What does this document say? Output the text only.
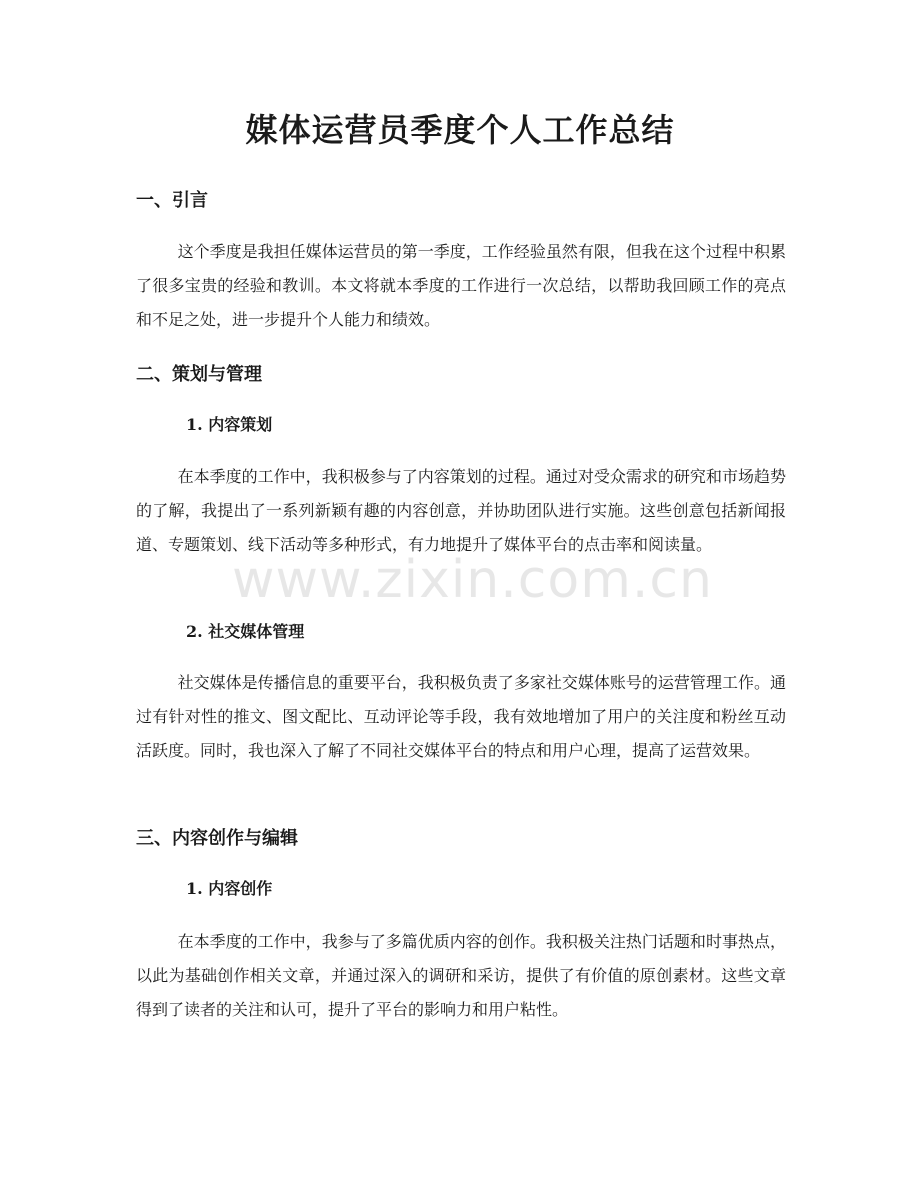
媒体运营员季度个人工作总结
一、引言

这个季度是我担任媒体运营员的第一季度，工作经验虽然有限，但我在这个过程中积累了很多宝贵的经验和教训。本文将就本季度的工作进行一次总结，以帮助我回顾工作的亮点和不足之处，进一步提升个人能力和绩效。

二、策划与管理
1. 内容策划

在本季度的工作中，我积极参与了内容策划的过程。通过对受众需求的研究和市场趋势的了解，我提出了一系列新颖有趣的内容创意，并协助团队进行实施。这些创意包括新闻报道、专题策划、线下活动等多种形式，有力地提升了媒体平台的点击率和阅读量。

2. 社交媒体管理

社交媒体是传播信息的重要平台，我积极负责了多家社交媒体账号的运营管理工作。通过有针对性的推文、图文配比、互动评论等手段，我有效地增加了用户的关注度和粉丝互动活跃度。同时，我也深入了解了不同社交媒体平台的特点和用户心理，提高了运营效果。

三、内容创作与编辑
1. 内容创作

在本季度的工作中，我参与了多篇优质内容的创作。我积极关注热门话题和时事热点，以此为基础创作相关文章，并通过深入的调研和采访，提供了有价值的原创素材。这些文章得到了读者的关注和认可，提升了平台的影响力和用户粘性。

www.zixin.com.cn
